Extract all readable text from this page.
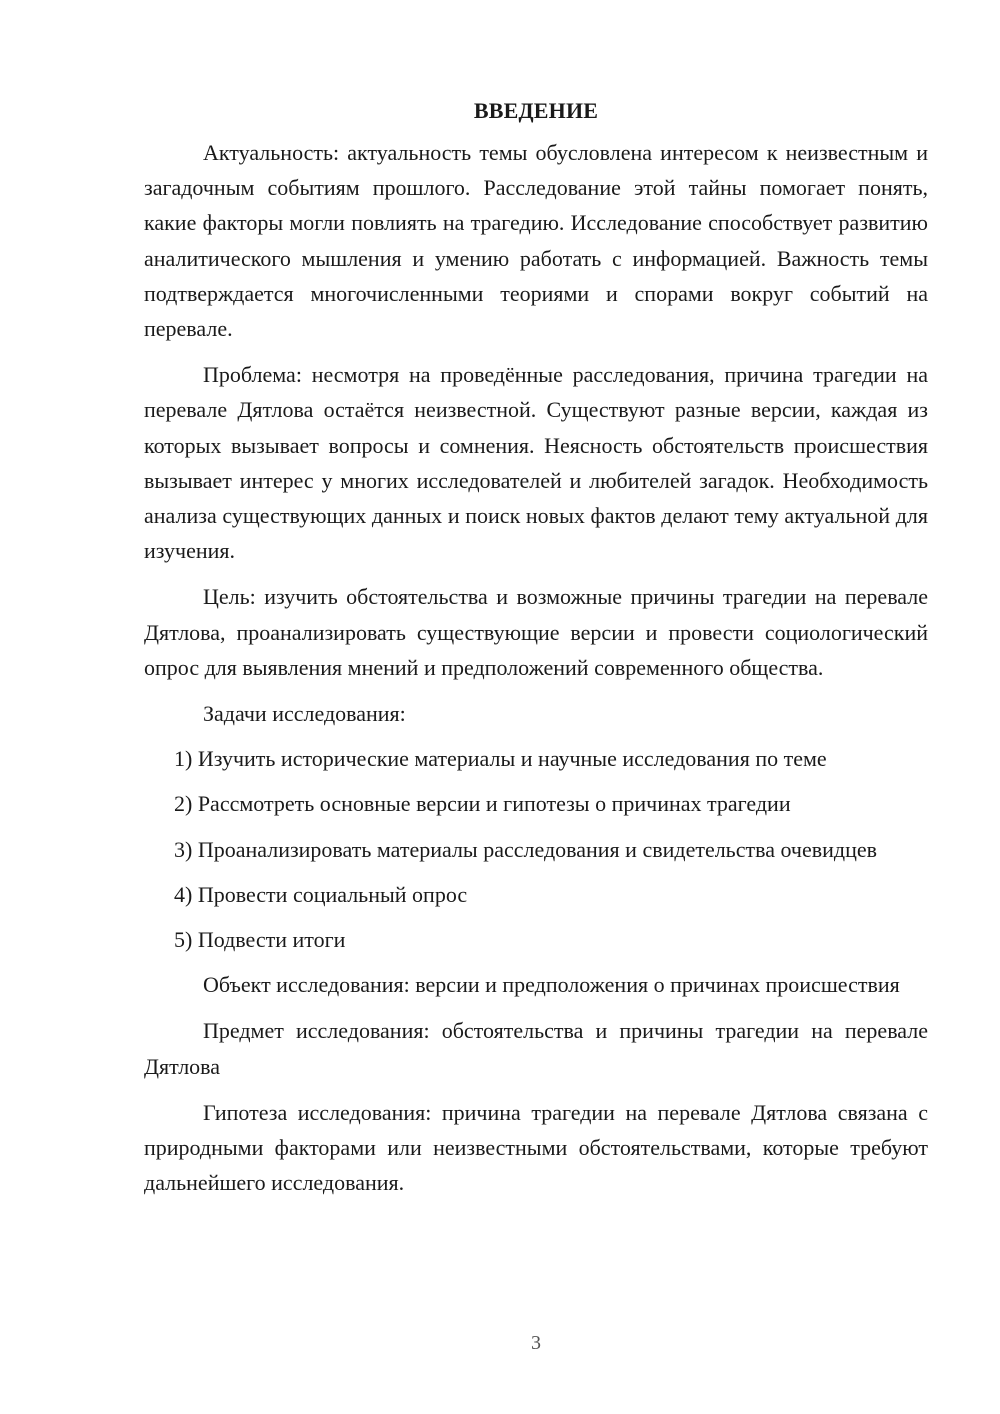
ВВЕДЕНИЕ

Актуальность: актуальность темы обусловлена интересом к неизвестным и загадочным событиям прошлого. Расследование этой тайны помогает понять, какие факторы могли повлиять на трагедию. Исследование способствует развитию аналитического мышления и умению работать с информацией. Важность темы подтверждается многочисленными теориями и спорами вокруг событий на перевале.

Проблема: несмотря на проведённые расследования, причина трагедии на перевале Дятлова остаётся неизвестной. Существуют разные версии, каждая из которых вызывает вопросы и сомнения. Неясность обстоятельств происшествия вызывает интерес у многих исследователей и любителей загадок. Необходимость анализа существующих данных и поиск новых фактов делают тему актуальной для изучения.

Цель: изучить обстоятельства и возможные причины трагедии на перевале Дятлова, проанализировать существующие версии и провести социологический опрос для выявления мнений и предположений современного общества.

Задачи исследования:

1) Изучить исторические материалы и научные исследования по теме

2) Рассмотреть основные версии и гипотезы о причинах трагедии

3) Проанализировать материалы расследования и свидетельства очевидцев

4) Провести социальный опрос

5) Подвести итоги

Объект исследования: версии и предположения о причинах происшествия

Предмет исследования: обстоятельства и причины трагедии на перевале Дятлова

Гипотеза исследования: причина трагедии на перевале Дятлова связана с природными факторами или неизвестными обстоятельствами, которые требуют дальнейшего исследования.

3
